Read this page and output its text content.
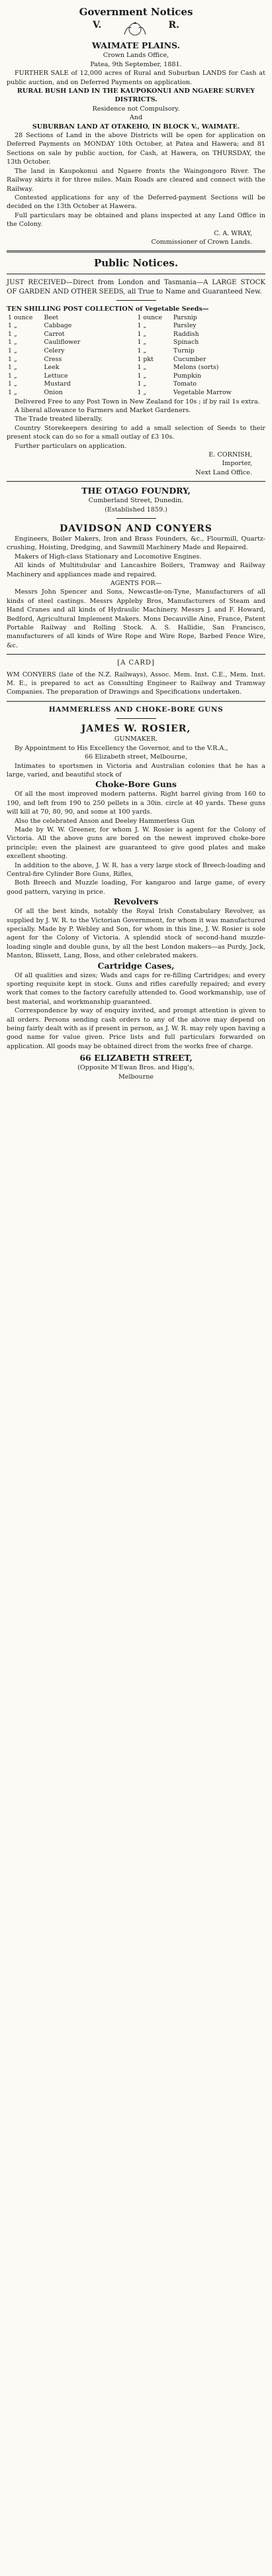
Government Notices
V.	R.
WAIMATE PLAINS.
Crown Lands Office,
Patea, 9th September, 1881.

FURTHER SALE of 12,000 acres of Rural and Suburban LANDS for Cash at public auction, and on Deferred Payments on application.

RURAL BUSH LAND IN THE KAUPOKONUI AND NGAERE SURVEY DISTRICTS.

Residence not Compulsory.
And

SUBURBAN LAND AT OTAKEHO, IN BLOCK V., WAIMATE.

28 Sections of Land in the above Districts will be open for application on Deferred Payments on MONDAY 10th October, at Patea and Hawera; and 81 Sections on sale by public auction, for Cash, at Hawera, on THURSDAY, the 13th October.

The land in Kaupokonui and Ngaere fronts the Waingongoro River. The Railway skirts it for three miles. Main Roads are cleared and connect with the Railway.

Contested applications for any of the Deferred-payment Sections will be decided on the 13th October at Hawera.

Full particulars may be obtained and plans inspected at any Land Office in the Colony.

C. A. WRAY,
Commissioner of Crown Lands.
Public Notices.

JUST RECEIVED—Direct from London and Tasmania—A LARGE STOCK OF GARDEN AND OTHER SEEDS, all True to Name and Guaranteed New.

TEN SHILLING POST COLLECTION of Vegetable Seeds—

1 ounce	Beet	1 ounce	Parsnip
1 „	Cabbage	1 „	Parsley
1 „	Carrot	1 „	Raddish
1 „	Cauliflower	1 „	Spinach
1 „	Celery	1 „	Turnip
1 „	Cress	1 pkt	Cucumber
1 „	Leek	1 „	Melons (sorts)
1 „	Lettuce	1 „	Pumpkin
1 „	Mustard	1 „	Tomato
1 „	Onion	1 „	Vegetable Marrow

Delivered Free to any Post Town in New Zealand for 10s ; if by rail 1s extra.

A liberal allowance to Farmers and Market Gardeners.

The Trade treated liberally.

Country Storekeepers desiring to add a small selection of Seeds to their present stock can do so for a small outlay of £3 10s.

Further particulars on application.

E. CORNISH,
Importer,
Next Land Office.
THE OTAGO FOUNDRY,
Cumberland Street, Dunedin.
(Established 1859.)
DAVIDSON AND CONYERS

Engineers, Boiler Makers, Iron and Brass Founders, &c., Flourmill, Quartz-crushing, Hoisting, Dredging, and Sawmill Machinery Made and Repaired.

Makers of High-class Stationary and Locomotive Engines.

All kinds of Multitubular and Lancashire Boilers, Tramway and Railway Machinery and appliances made and repaired.

AGENTS FOR—

Messrs John Spencer and Sons, Newcastle-on-Tyne, Manufacturers of all kinds of steel castings. Messrs Appleby Bros, Manufacturers of Steam and Hand Cranes and all kinds of Hydraulic Machinery. Messrs J. and F. Howard, Bedford, Agricultural Implement Makers. Mons Decauville Aine, France, Patent Portable Railway and Rolling Stock. A. S. Hallidie, San Francisco, manufacturers of all kinds of Wire Rope and Wire Rope, Barbed Fence Wire, &c.

[A CARD]

WM CONYERS (late of the N.Z. Railways), Assoc. Mem. Inst. C.E., Mem. Inst. M. E., is prepared to act as Consulting Engineer to Railway and Tramway Companies. The preparation of Drawings and Specifications undertaken.

HAMMERLESS AND CHOKE-BORE GUNS
JAMES W. ROSIER,
GUNMAKER.

By Appointment to His Excellency the Governor, and to the V.R.A.,

66 Elizabeth street, Melbourne,

Intimates to sportsmen in Victoria and Australian colonies that he has a large, varied, and beautiful stock of

Choke-Bore Guns

Of all the most improved modern patterns. Right barrel giving from 160 to 190, and left from 190 to 250 pellets in a 30in. circle at 40 yards. These guns will kill at 70, 80, 90, and some at 100 yards.

Also the celebrated Anson and Deeley Hammerless Gun

Made by W. W. Greener, for whom J. W. Rosier is agent for the Colony of Victoria. All the above guns are bored on the newest improved choke-bore principle; even the plainest are guaranteed to give good plates and make excellent shooting.

In addition to the above, J. W. R. has a very large stock of Breech-loading and Central-fire Cylinder Bore Guns, Rifles,

Both Breech and Muzzle loading, For kangaroo and large game, of every good pattern, varying in price.

Revolvers

Of all the best kinds, notably the Royal Irish Constabulary Revolver, as supplied by J. W. R. to the Victorian Government, for whom it was manufactured specially. Made by P. Webley and Son, for whom in this line, J. W. Rosier is sole agent for the Colony of Victoria. A splendid stock of second-hand muzzle-loading single and double guns, by all the best London makers—as Purdy, Jock, Manton, Blissett, Lang, Boss, and other celebrated makers.

Cartridge Cases,

Of all qualities and sizes; Wads and caps for re-filling Cartridges; and every sporting requisite kept in stock. Guns and rifles carefully repaired; and every work that comes to the factory carefully attended to. Good workmanship, use of best material, and workmanship guaranteed.

Correspondence by way of enquiry invited, and prompt attention is given to all orders. Persons sending cash orders to any of the above may depend on being fairly dealt with as if present in person, as J. W. R. may rely upon having a good name for value given. Price lists and full particulars forwarded on application. All goods may be obtained direct from the works free of charge.

66 ELIZABETH STREET,
(Opposite M'Ewan Bros. and Higg's,
Melbourne
